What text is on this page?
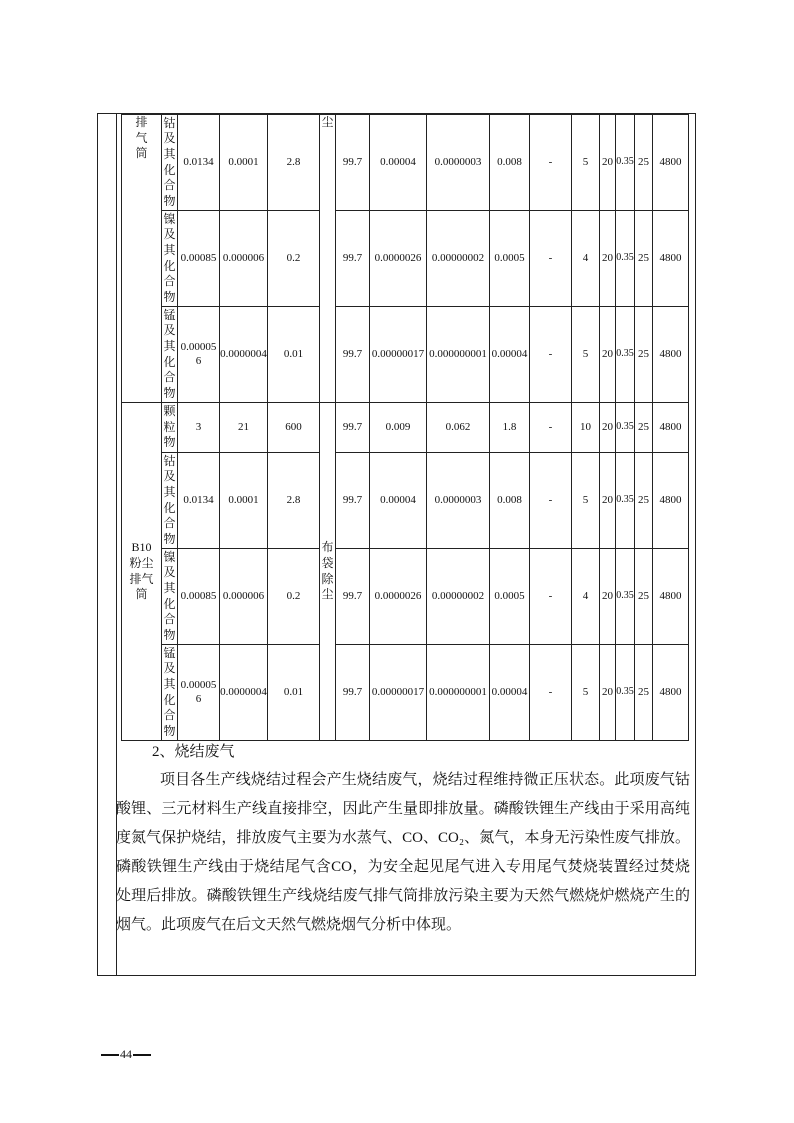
排气筒	钴及其化合物	0.0134	0.0001	2.8	尘	99.7	0.00004	0.0000003	0.008	-	5	20	0.35	25	4800

	镍及其化合物	0.00085	0.000006	0.2		99.7	0.0000026	0.00000002	0.0005	-	4	20	0.35	25	4800

	锰及其化合物	0.000056	0.0000004	0.01		99.7	0.00000017	0.000000001	0.00004	-	5	20	0.35	25	4800

B10粉尘排气筒	颗粒物	3	21	600	布袋除尘	99.7	0.009	0.062	1.8	-	10	20	0.35	25	4800

	钴及其化合物	0.0134	0.0001	2.8		99.7	0.00004	0.0000003	0.008	-	5	20	0.35	25	4800

	镍及其化合物	0.00085	0.000006	0.2		99.7	0.0000026	0.00000002	0.0005	-	4	20	0.35	25	4800

	锰及其化合物	0.000056	0.0000004	0.01		99.7	0.00000017	0.000000001	0.00004	-	5	20	0.35	25	4800
2、烧结废气

项目各生产线烧结过程会产生烧结废气，烧结过程维持微正压状态。此项废气钴酸锂、三元材料生产线直接排空，因此产生量即排放量。磷酸铁锂生产线由于采用高纯度氮气保护烧结，排放废气主要为水蒸气、CO、CO₂、氮气，本身无污染性废气排放。磷酸铁锂生产线由于烧结尾气含CO，为安全起见尾气进入专用尾气焚烧装置经过焚烧处理后排放。磷酸铁锂生产线烧结废气排气筒排放污染主要为天然气燃烧炉燃烧产生的烟气。此项废气在后文天然气燃烧烟气分析中体现。

44
